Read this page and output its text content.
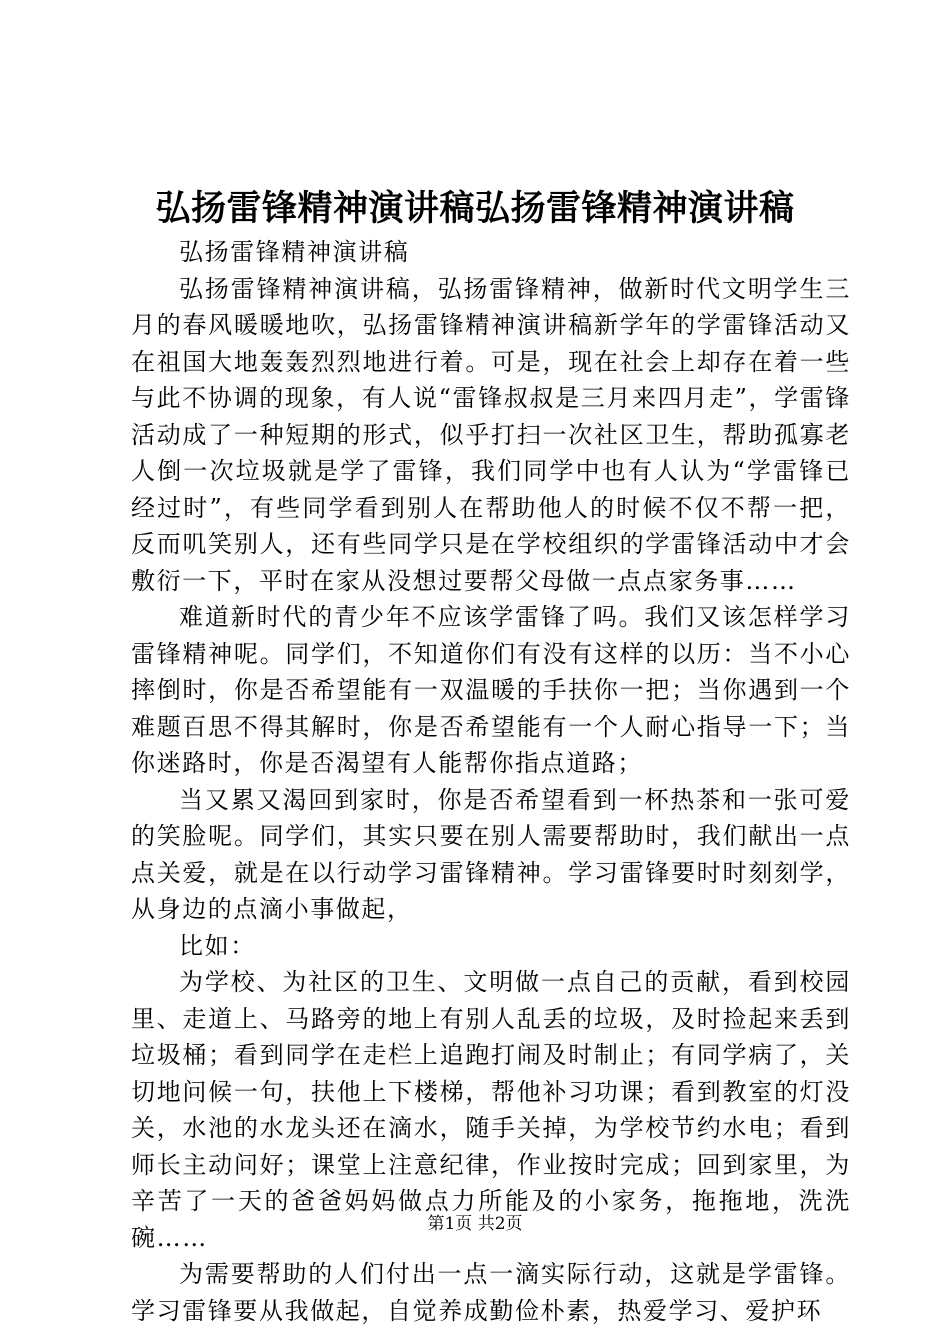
弘扬雷锋精神演讲稿弘扬雷锋精神演讲稿

弘扬雷锋精神演讲稿

弘扬雷锋精神演讲稿，弘扬雷锋精神，做新时代文明学生三月的春风暖暖地吹，弘扬雷锋精神演讲稿新学年的学雷锋活动又在祖国大地轰轰烈烈地进行着。可是，现在社会上却存在着一些与此不协调的现象，有人说“雷锋叔叔是三月来四月走”，学雷锋活动成了一种短期的形式，似乎打扫一次社区卫生，帮助孤寡老人倒一次垃圾就是学了雷锋，我们同学中也有人认为“学雷锋已经过时”，有些同学看到别人在帮助他人的时候不仅不帮一把，反而叽笑别人，还有些同学只是在学校组织的学雷锋活动中才会敷衍一下，平时在家从没想过要帮父母做一点点家务事……

难道新时代的青少年不应该学雷锋了吗。我们又该怎样学习雷锋精神呢。同学们，不知道你们有没有这样的以历：当不小心摔倒时，你是否希望能有一双温暖的手扶你一把；当你遇到一个难题百思不得其解时，你是否希望能有一个人耐心指导一下；当你迷路时，你是否渴望有人能帮你指点道路；

当又累又渴回到家时，你是否希望看到一杯热茶和一张可爱的笑脸呢。同学们，其实只要在别人需要帮助时，我们献出一点点关爱，就是在以行动学习雷锋精神。学习雷锋要时时刻刻学，从身边的点滴小事做起，

比如：

为学校、为社区的卫生、文明做一点自己的贡献，看到校园里、走道上、马路旁的地上有别人乱丢的垃圾，及时捡起来丢到垃圾桶；看到同学在走栏上追跑打闹及时制止；有同学病了，关切地问候一句，扶他上下楼梯，帮他补习功课；看到教室的灯没关，水池的水龙头还在滴水，随手关掉，为学校节约水电；看到师长主动问好；课堂上注意纪律，作业按时完成；回到家里，为辛苦了一天的爸爸妈妈做点力所能及的小家务，拖拖地，洗洗碗……

为需要帮助的人们付出一点一滴实际行动，这就是学雷锋。学习雷锋要从我做起，自觉养成勤俭朴素，热爱学习、爱护环

第1页 共2页
